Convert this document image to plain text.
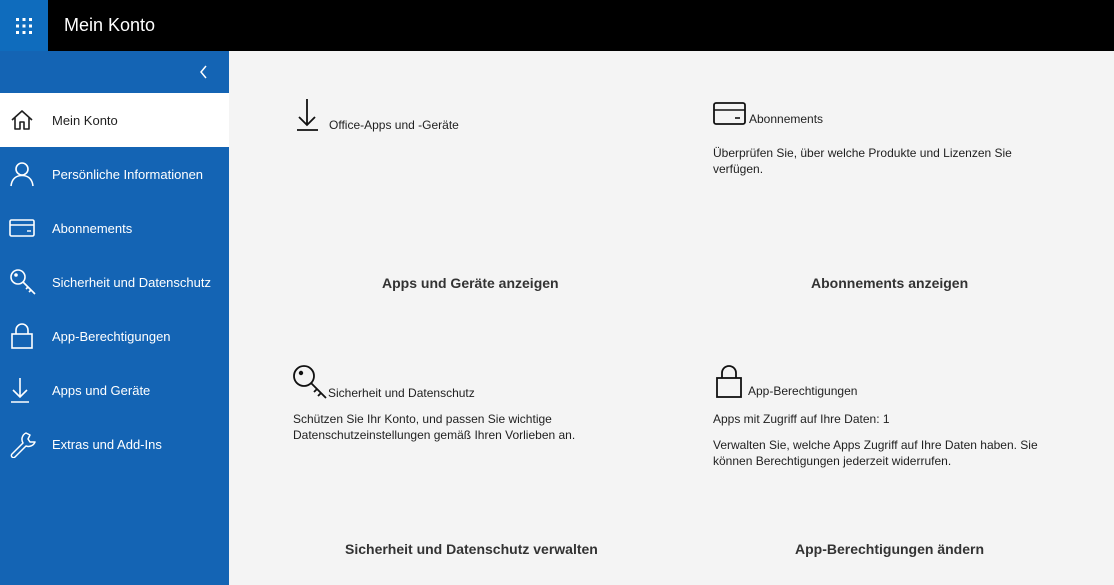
Mein Konto
Mein Konto
Persönliche Informationen
Abonnements
Sicherheit und Datenschutz
App-Berechtigungen
Apps und Geräte
Extras und Add-Ins
Office-Apps und -Geräte
Apps und Geräte anzeigen
Abonnements
Überprüfen Sie, über welche Produkte und Lizenzen Sie verfügen.
Abonnements anzeigen
Sicherheit und Datenschutz
Schützen Sie Ihr Konto, und passen Sie wichtige Datenschutzeinstellungen gemäß Ihren Vorlieben an.
Sicherheit und Datenschutz verwalten
App-Berechtigungen
Apps mit Zugriff auf Ihre Daten: 1
Verwalten Sie, welche Apps Zugriff auf Ihre Daten haben. Sie können Berechtigungen jederzeit widerrufen.
App-Berechtigungen ändern
